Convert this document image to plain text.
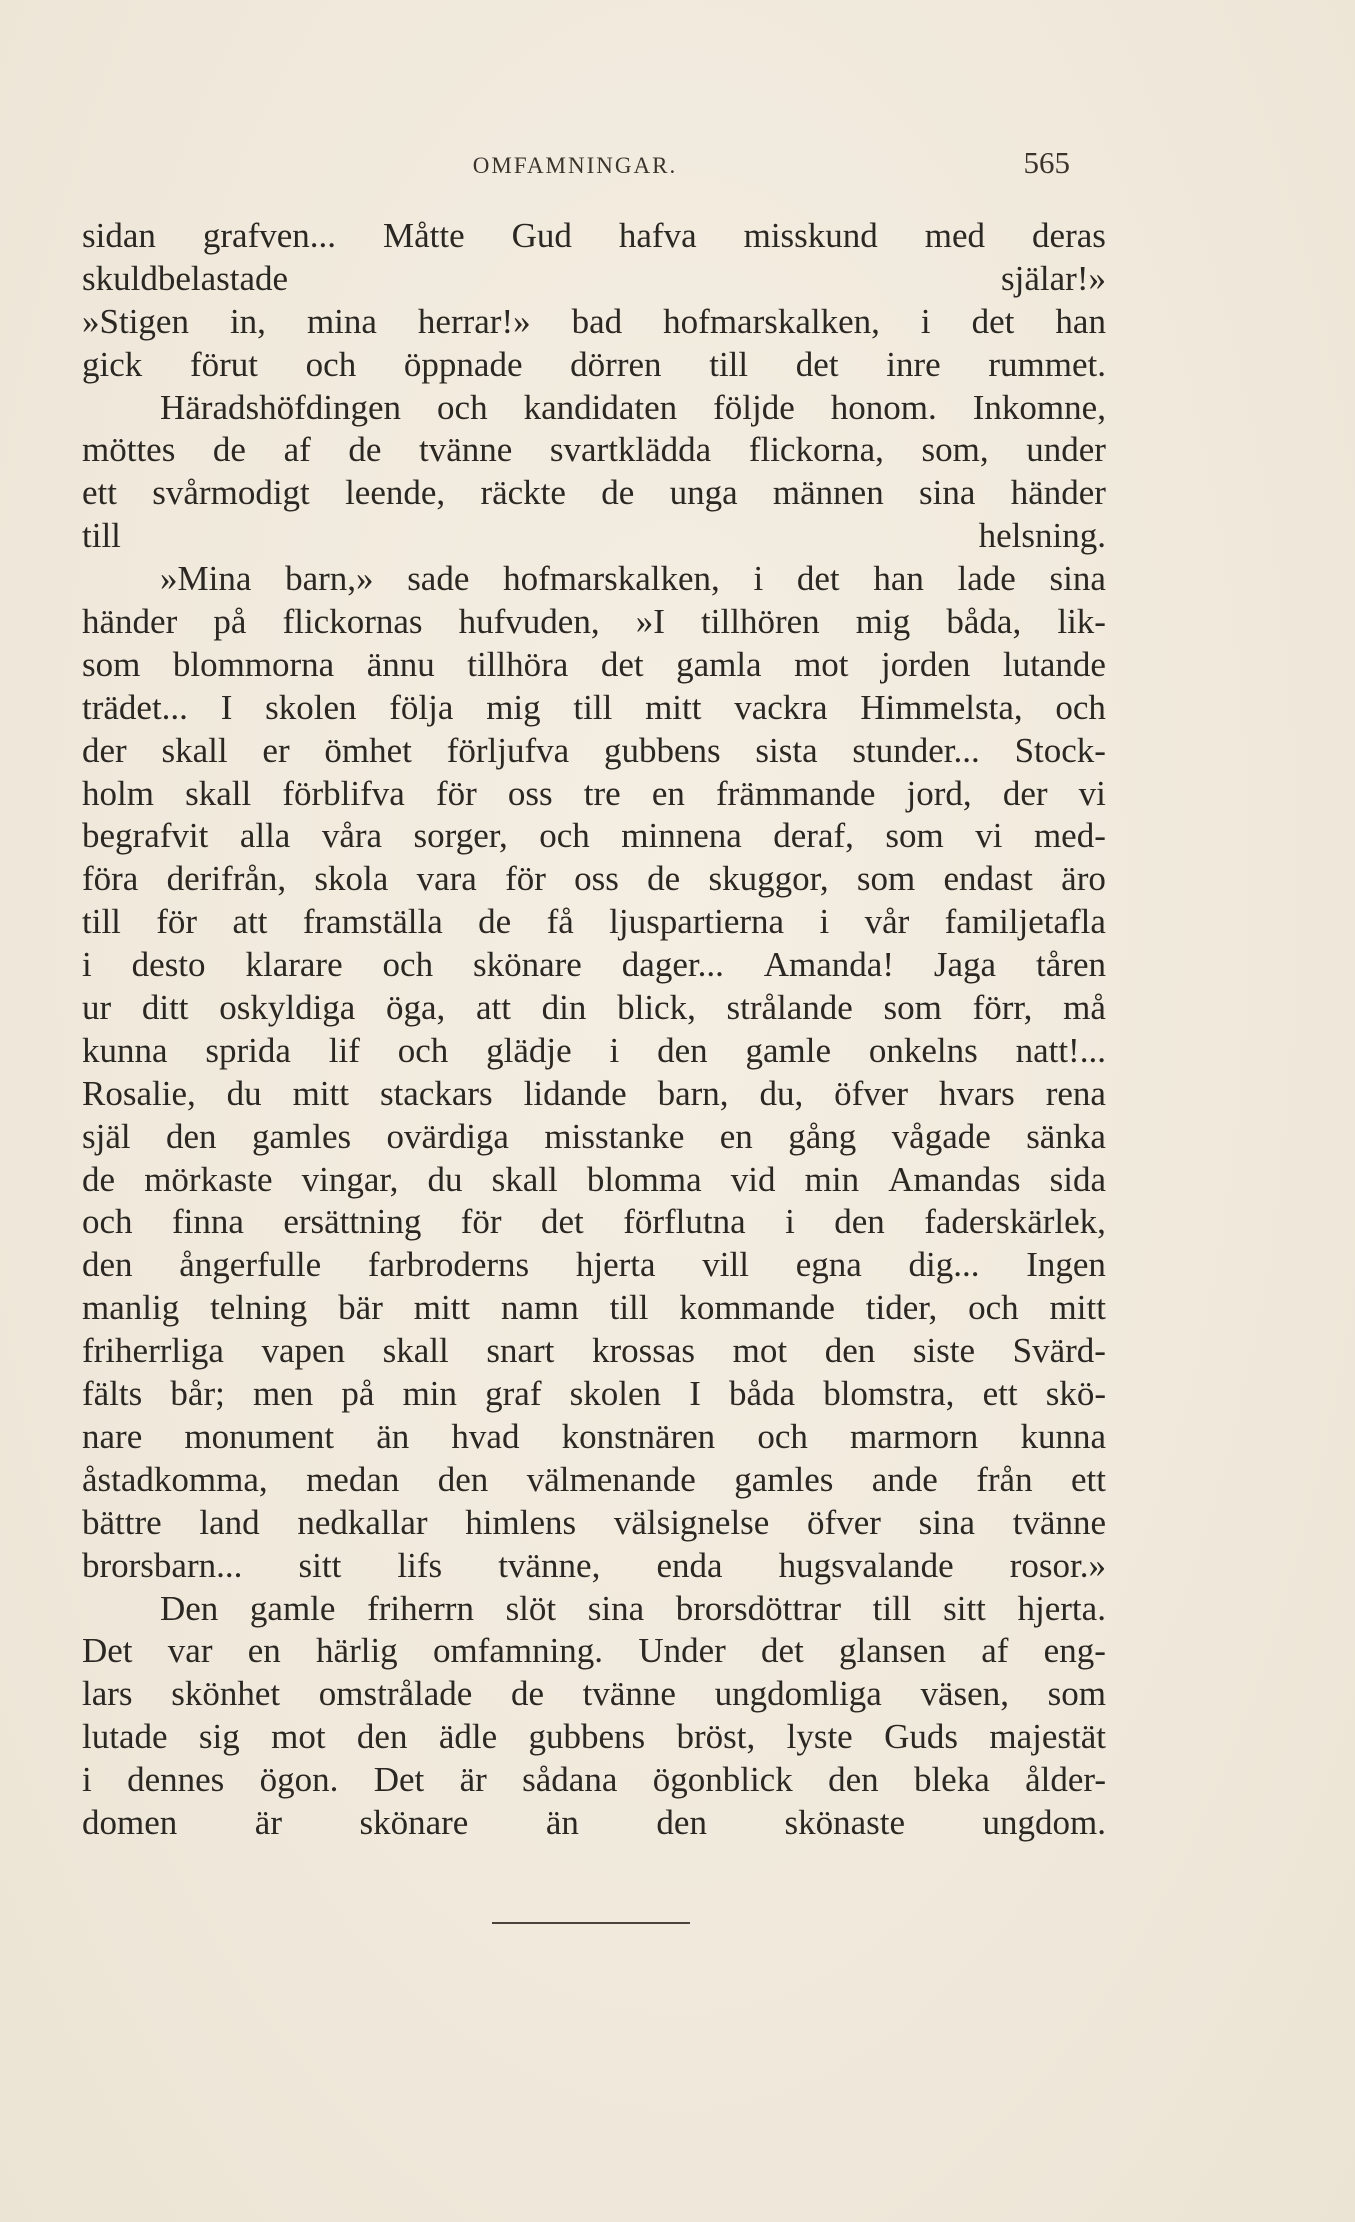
OMFAMNINGAR.	565
sidan grafven... Måtte Gud hafva misskund med deras
skuldbelastade själar!»
»Stigen in, mina herrar!» bad hofmarskalken, i det han
gick förut och öppnade dörren till det inre rummet.
Häradshöfdingen och kandidaten följde honom. Inkomne,
möttes de af de tvänne svartklädda flickorna, som, under
ett svårmodigt leende, räckte de unga männen sina händer
till helsning.
»Mina barn,» sade hofmarskalken, i det han lade sina
händer på flickornas hufvuden, »I tillhören mig båda, lik-
som blommorna ännu tillhöra det gamla mot jorden lutande
trädet... I skolen följa mig till mitt vackra Himmelsta, och
der skall er ömhet förljufva gubbens sista stunder... Stock-
holm skall förblifva för oss tre en främmande jord, der vi
begrafvit alla våra sorger, och minnena deraf, som vi med-
föra derifrån, skola vara för oss de skuggor, som endast äro
till för att framställa de få ljuspartierna i vår familjetafla
i desto klarare och skönare dager... Amanda! Jaga tåren
ur ditt oskyldiga öga, att din blick, strålande som förr, må
kunna sprida lif och glädje i den gamle onkelns natt!...
Rosalie, du mitt stackars lidande barn, du, öfver hvars rena
själ den gamles ovärdiga misstanke en gång vågade sänka
de mörkaste vingar, du skall blomma vid min Amandas sida
och finna ersättning för det förflutna i den faderskärlek,
den ångerfulle farbroderns hjerta vill egna dig... Ingen
manlig telning bär mitt namn till kommande tider, och mitt
friherrliga vapen skall snart krossas mot den siste Svärd-
fälts bår; men på min graf skolen I båda blomstra, ett skö-
nare monument än hvad konstnären och marmorn kunna
åstadkomma, medan den välmenande gamles ande från ett
bättre land nedkallar himlens välsignelse öfver sina tvänne
brorsbarn... sitt lifs tvänne, enda hugsvalande rosor.»
Den gamle friherrn slöt sina brorsdöttrar till sitt hjerta.
Det var en härlig omfamning. Under det glansen af eng-
lars skönhet omstrålade de tvänne ungdomliga väsen, som
lutade sig mot den ädle gubbens bröst, lyste Guds majestät
i dennes ögon. Det är sådana ögonblick den bleka ålder-
domen är skönare än den skönaste ungdom.
